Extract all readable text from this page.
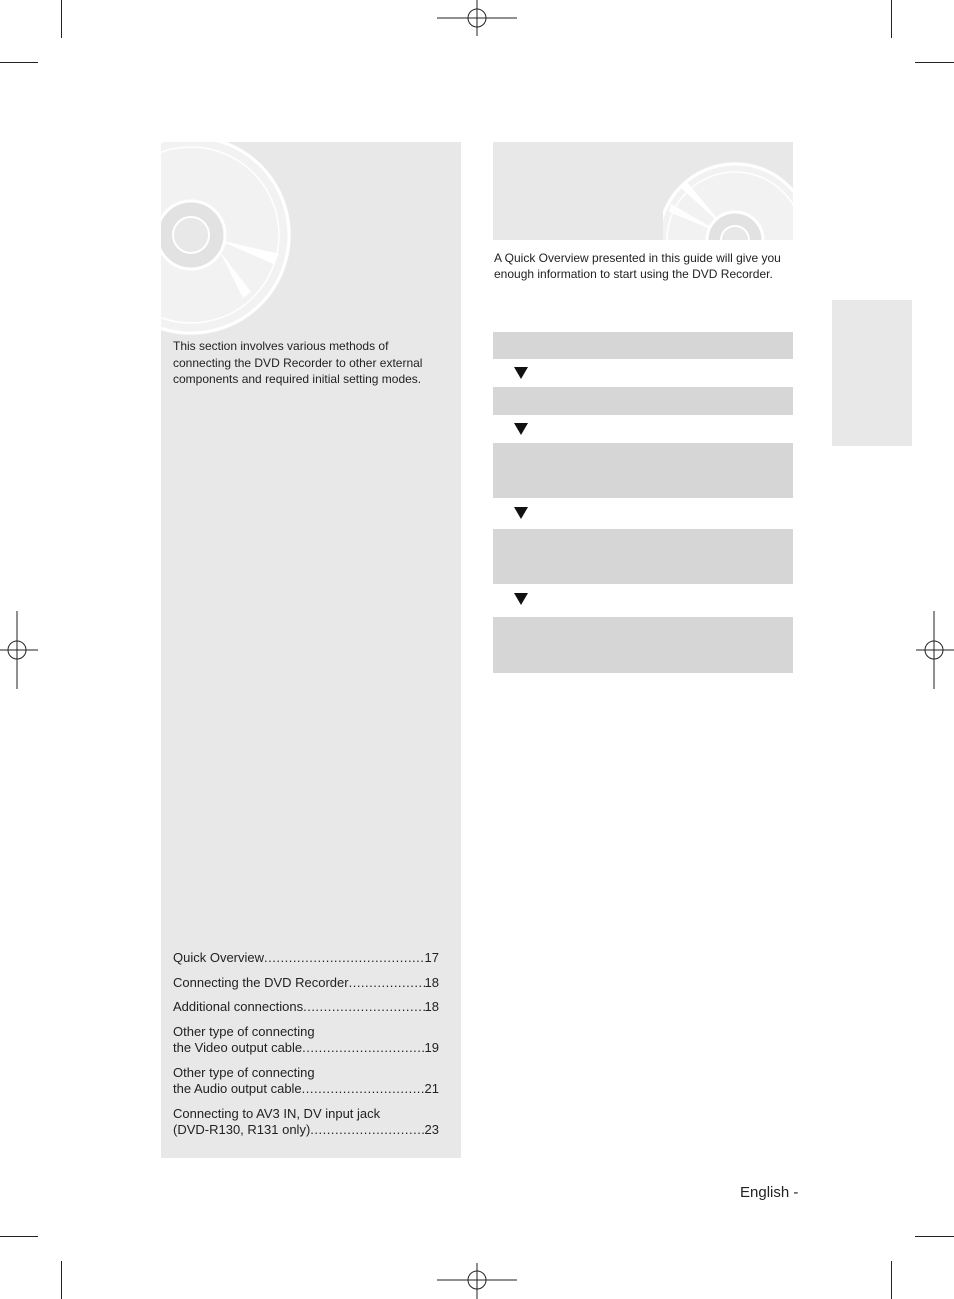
This section involves various methods of connecting the DVD Recorder to other external components and required initial setting modes.
A Quick Overview presented in this guide will give you enough information to start using the DVD Recorder.
Quick Overview .....	17
Connecting the DVD Recorder .....	18
Additional connections .....	18
Other type of connecting
the Video output cable .....	19
Other type of connecting
the Audio output cable .....	21
Connecting to AV3 IN, DV input jack
(DVD-R130, R131 only) .....	23
English -
